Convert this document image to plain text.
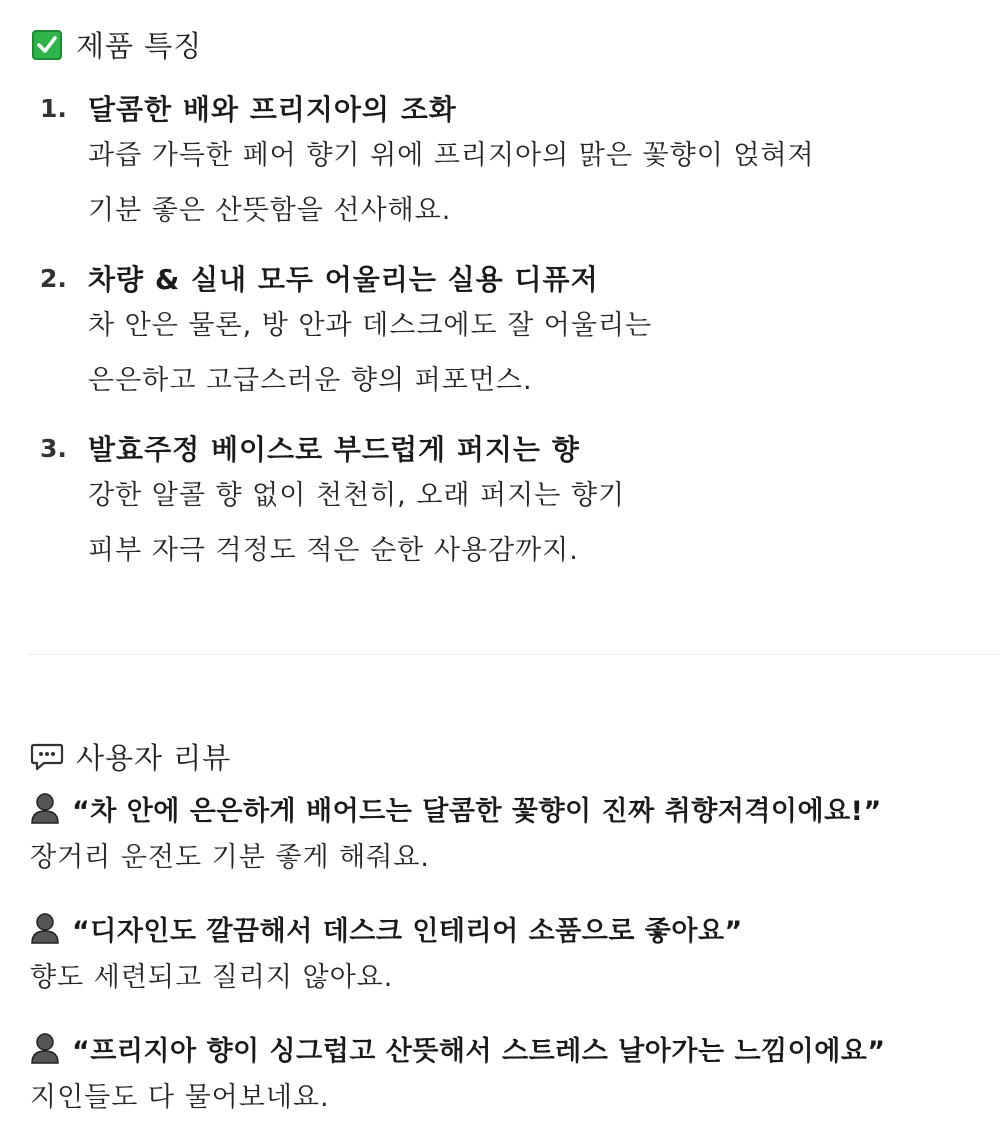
제품 특징
1. 달콤한 배와 프리지아의 조화
과즙 가득한 페어 향기 위에 프리지아의 맑은 꽃향이 얹혀져
기분 좋은 산뜻함을 선사해요.
2. 차량 & 실내 모두 어울리는 실용 디퓨저
차 안은 물론, 방 안과 데스크에도 잘 어울리는
은은하고 고급스러운 향의 퍼포먼스.
3. 발효주정 베이스로 부드럽게 퍼지는 향
강한 알콜 향 없이 천천히, 오래 퍼지는 향기
피부 자극 걱정도 적은 순한 사용감까지.
사용자 리뷰
“차 안에 은은하게 배어드는 달콤한 꽃향이 진짜 취향저격이에요!”
장거리 운전도 기분 좋게 해줘요.
“디자인도 깔끔해서 데스크 인테리어 소품으로 좋아요”
향도 세련되고 질리지 않아요.
“프리지아 향이 싱그럽고 산뜻해서 스트레스 날아가는 느낌이에요”
지인들도 다 물어보네요.
